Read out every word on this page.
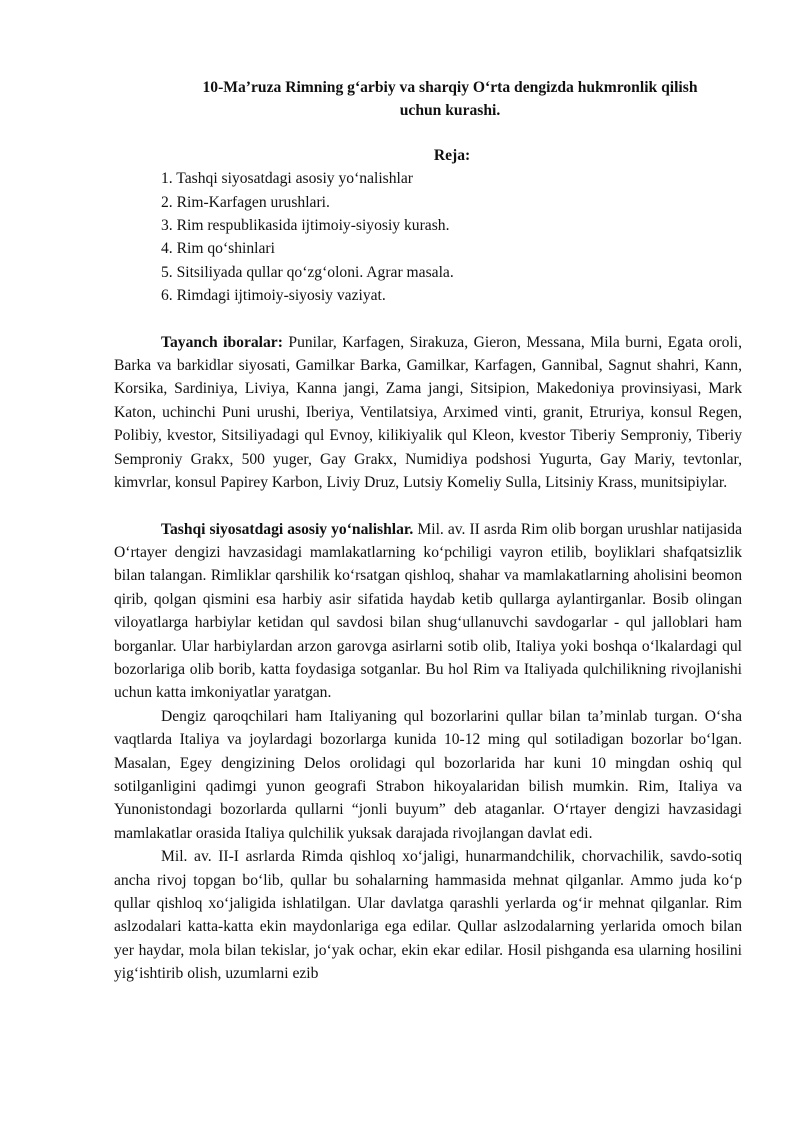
10-Ma’ruza Rimning g‘arbiy va sharqiy O‘rta dengizda hukmronlik qilish
uchun kurashi.
Reja:
1. Tashqi siyosatdagi asosiy yo‘nalishlar
2. Rim-Karfagen urushlari.
3. Rim respublikasida ijtimoiy-siyosiy kurash.
4. Rim qo‘shinlari
5. Sitsiliyada qullar qo‘zg‘oloni. Agrar masala.
6. Rimdagi ijtimoiy-siyosiy vaziyat.

Tayanch iboralar: Punilar, Karfagen, Sirakuza, Gieron, Messana, Mila burni, Egata oroli, Barka va barkidlar siyosati, Gamilkar Barka, Gamilkar, Karfagen, Gannibal, Sagnut shahri, Kann, Korsika, Sardiniya, Liviya, Kanna jangi, Zama jangi, Sitsipion, Makedoniya provinsiyasi, Mark Katon, uchinchi Puni urushi, Iberiya, Ventilatsiya, Arximed vinti, granit, Etruriya, konsul Regen, Polibiy, kvestor, Sitsiliyadagi qul Evnoy, kilikiyalik qul Kleon, kvestor Tiberiy Semproniy, Tiberiy Semproniy Grakx, 500 yuger, Gay Grakx, Numidiya podshosi Yugurta, Gay Mariy, tevtonlar, kimvrlar, konsul Papirey Karbon, Liviy Druz, Lutsiy Komeliy Sulla, Litsiniy Krass, munitsipiylar.

Tashqi siyosatdagi asosiy yo‘nalishlar. Mil. av. II asrda Rim olib borgan urushlar natijasida O‘rtayer dengizi havzasidagi mamlakatlarning ko‘pchiligi vayron etilib, boyliklari shafqatsizlik bilan talangan. Rimliklar qarshilik ko‘rsatgan qishloq, shahar va mamlakatlarning aholisini beomon qirib, qolgan qismini esa harbiy asir sifatida haydab ketib qullarga aylantirganlar. Bosib olingan viloyatlarga harbiylar ketidan qul savdosi bilan shug‘ullanuvchi savdogarlar - qul jalloblari ham borganlar. Ular harbiylardan arzon garovga asirlarni sotib olib, Italiya yoki boshqa o‘lkalardagi qul bozorlariga olib borib, katta foydasiga sotganlar. Bu hol Rim va Italiyada qulchilikning rivojlanishi uchun katta imkoniyatlar yaratgan.

Dengiz qaroqchilari ham Italiyaning qul bozorlarini qullar bilan ta’minlab turgan. O‘sha vaqtlarda Italiya va joylardagi bozorlarga kunida 10-12 ming qul sotiladigan bozorlar bo‘lgan. Masalan, Egey dengizining Delos orolidagi qul bozorlarida har kuni 10 mingdan oshiq qul sotilganligini qadimgi yunon geografi Strabon hikoyalaridan bilish mumkin. Rim, Italiya va Yunonistondagi bozorlarda qullarni “jonli buyum” deb ataganlar. O‘rtayer dengizi havzasidagi mamlakatlar orasida Italiya qulchilik yuksak darajada rivojlangan davlat edi.

Mil. av. II-I asrlarda Rimda qishloq xo‘jaligi, hunarmandchilik, chorvachilik, savdo-sotiq ancha rivoj topgan bo‘lib, qullar bu sohalarning hammasida mehnat qilganlar. Ammo juda ko‘p qullar qishloq xo‘jaligida ishlatilgan. Ular davlatga qarashli yerlarda og‘ir mehnat qilganlar. Rim aslzodalari katta-katta ekin maydonlariga ega edilar. Qullar aslzodalarning yerlarida omoch bilan yer haydar, mola bilan tekislar, jo‘yak ochar, ekin ekar edilar. Hosil pishganda esa ularning hosilini yig‘ishtirib olish, uzumlarni ezib
